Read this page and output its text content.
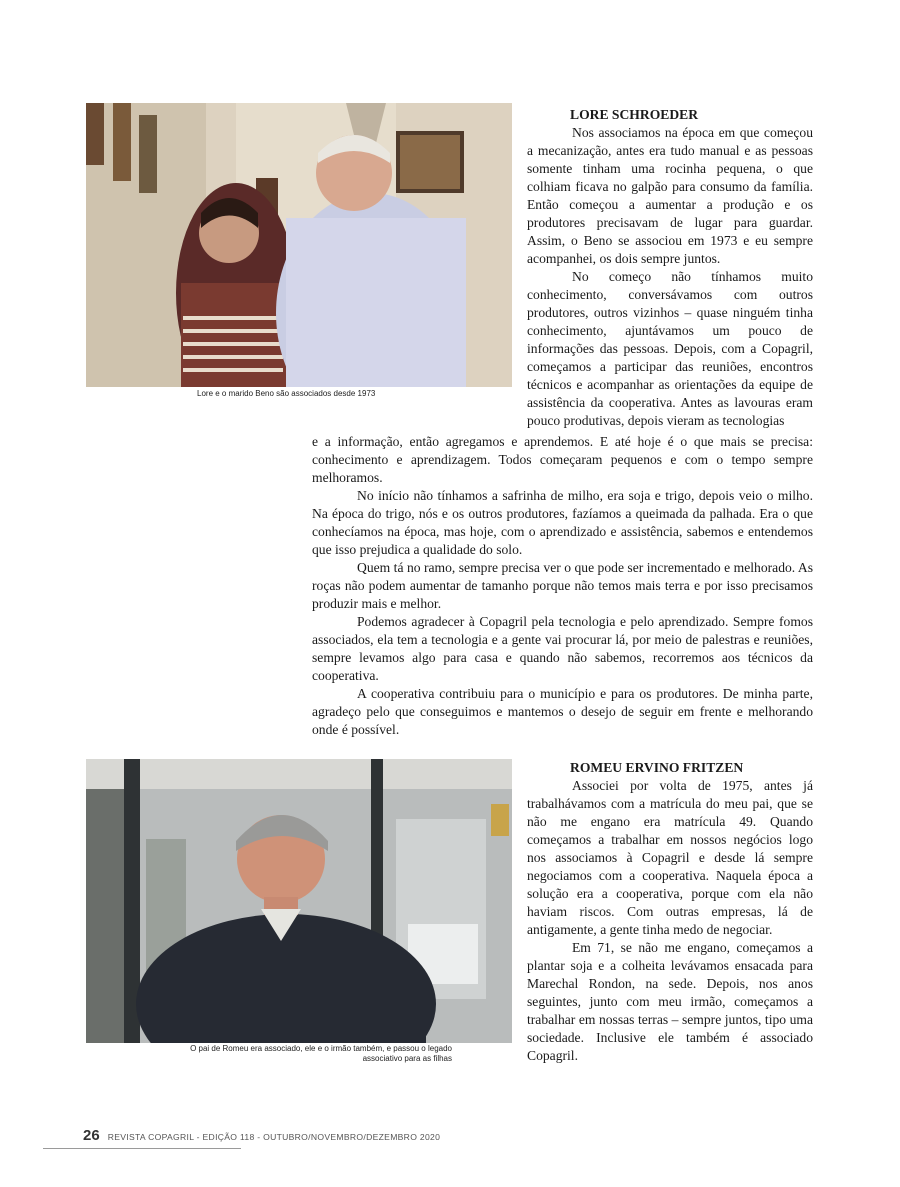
Lore e o marido Beno são associados desde 1973
LORE SCHROEDER

Nos associamos na época em que começou a mecanização, antes era tudo manual e as pessoas somente tinham uma rocinha pequena, o que colhiam ficava no galpão para consumo da família. Então começou a aumentar a produção e os produtores precisavam de lugar para guardar. Assim, o Beno se associou em 1973 e eu sempre acompanhei, os dois sempre juntos.

No começo não tínhamos muito conhecimento, conversávamos com outros produtores, outros vizinhos – quase ninguém tinha conhecimento, ajuntávamos um pouco de informações das pessoas. Depois, com a Copagril, começamos a participar das reuniões, encontros técnicos e acompanhar as orientações da equipe de assistência da cooperativa. Antes as lavouras eram pouco produtivas, depois vieram as tecnologias

e a informação, então agregamos e aprendemos. E até hoje é o que mais se precisa: conhecimento e aprendizagem. Todos começaram pequenos e com o tempo sempre melhoramos.

No início não tínhamos a safrinha de milho, era soja e trigo, depois veio o milho. Na época do trigo, nós e os outros produtores, fazíamos a queimada da palhada. Era o que conhecíamos na época, mas hoje, com o aprendizado e assistência, sabemos e entendemos que isso prejudica a qualidade do solo.

Quem tá no ramo, sempre precisa ver o que pode ser incrementado e melhorado. As roças não podem aumentar de tamanho porque não temos mais terra e por isso precisamos produzir mais e melhor.

Podemos agradecer à Copagril pela tecnologia e pelo aprendizado. Sempre fomos associados, ela tem a tecnologia e a gente vai procurar lá, por meio de palestras e reuniões, sempre levamos algo para casa e quando não sabemos, recorremos aos técnicos da cooperativa.

A cooperativa contribuiu para o município e para os produtores. De minha parte, agradeço pelo que conseguimos e mantemos o desejo de seguir em frente e melhorando onde é possível.

O pai de Romeu era associado, ele e o irmão também, e passou o legado associativo para as filhas
ROMEU ERVINO FRITZEN

Associei por volta de 1975, antes já trabalhávamos com a matrícula do meu pai, que se não me engano era matrícula 49. Quando começamos a trabalhar em nossos negócios logo nos associamos à Copagril e desde lá sempre negociamos com a cooperativa. Naquela época a solução era a cooperativa, porque com ela não haviam riscos. Com outras empresas, lá de antigamente, a gente tinha medo de negociar.

Em 71, se não me engano, começamos a plantar soja e a colheita levávamos ensacada para Marechal Rondon, na sede. Depois, nos anos seguintes, junto com meu irmão, começamos a trabalhar em nossas terras – sempre juntos, tipo uma sociedade. Inclusive ele também é associado Copagril.

26 REVISTA COPAGRIL - EDIÇÃO 118 - OUTUBRO/NOVEMBRO/DEZEMBRO 2020
